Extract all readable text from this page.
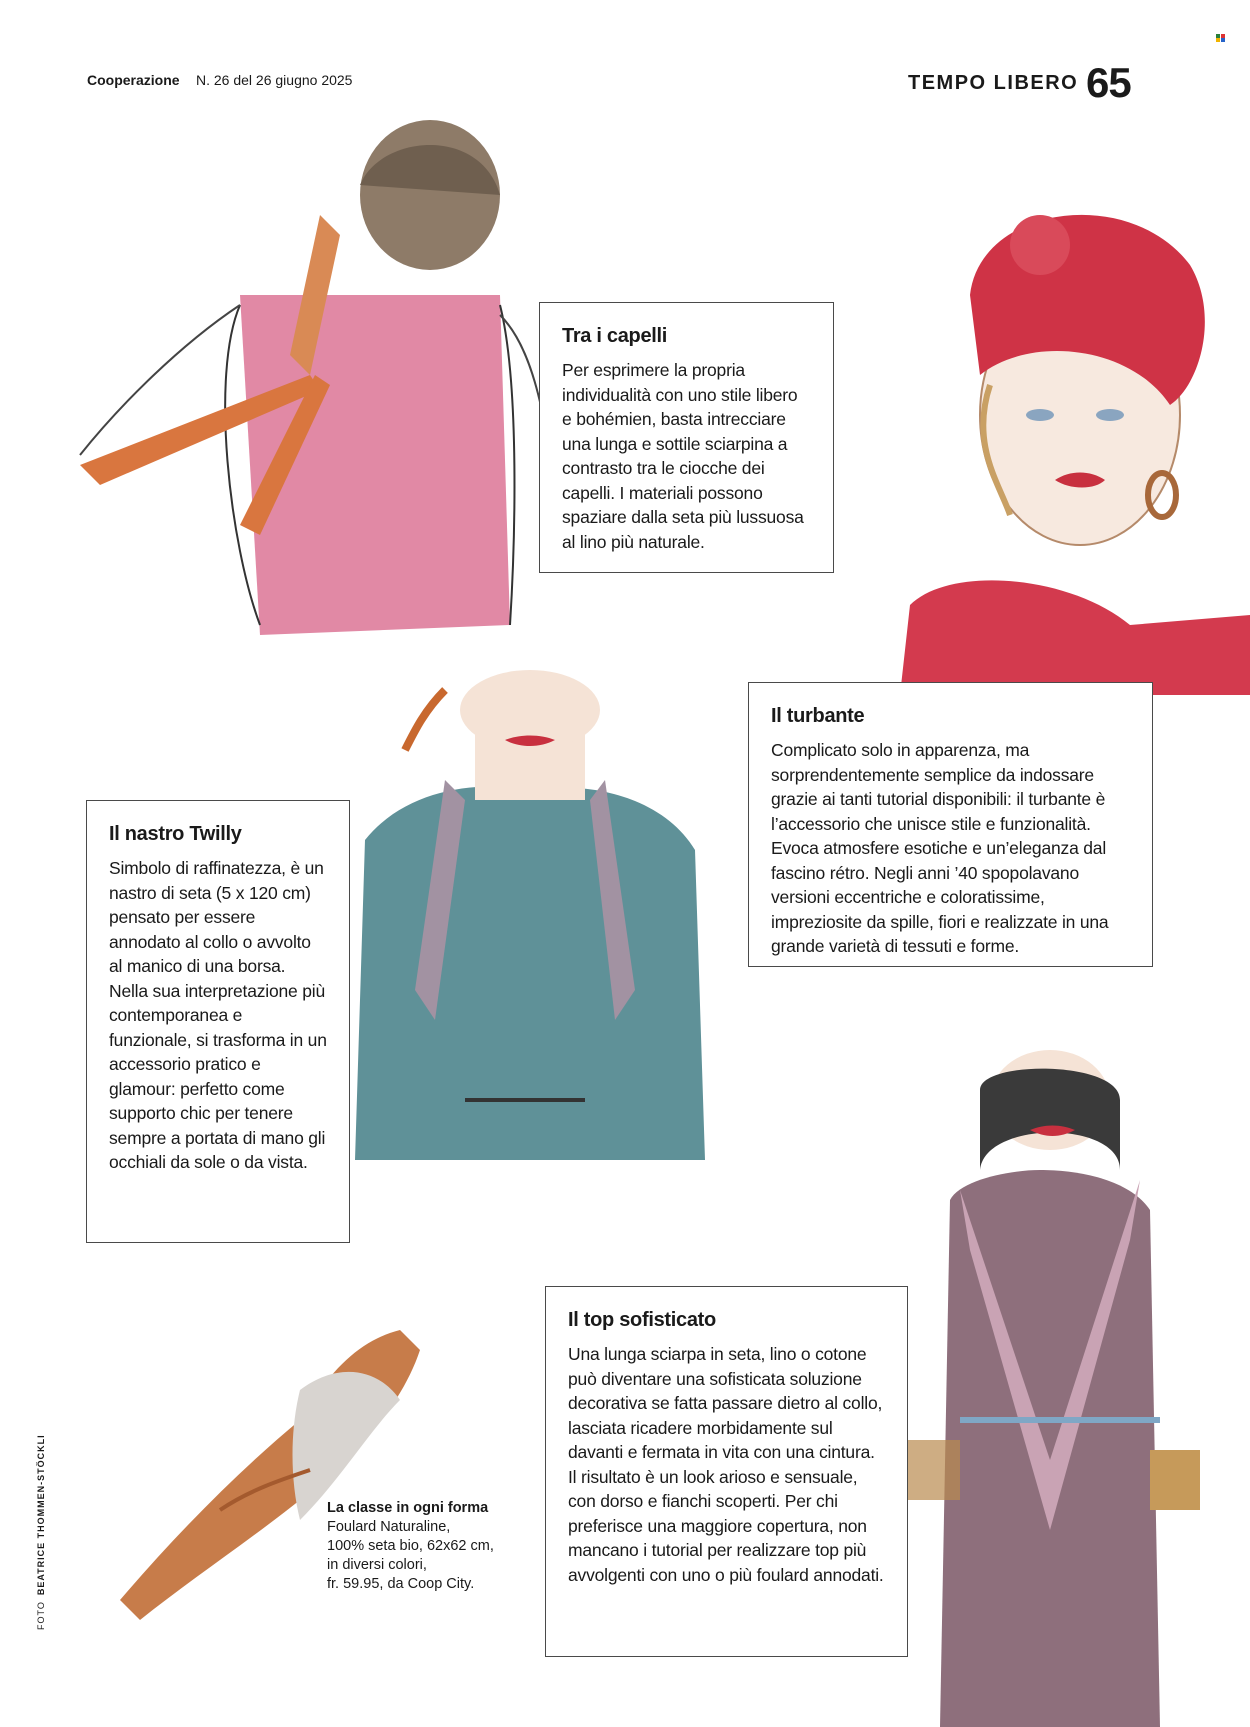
Cooperazione N. 26 del 26 giugno 2025	TEMPO LIBERO 65
Tra i capelli

Per esprimere la propria individualità con uno stile libero e bohémien, basta intrecciare una lunga e sottile sciarpina a contrasto tra le ciocche dei capelli. I materiali possono spaziare dalla seta più lussuosa al lino più naturale.

Il turbante

Complicato solo in apparenza, ma sorprendentemente semplice da indossare grazie ai tanti tutorial disponibili: il turbante è l’accessorio che unisce stile e funzionalità. Evoca atmosfere esotiche e un’eleganza dal fascino rétro. Negli anni ’40 spopolavano versioni eccentriche e coloratissime, impreziosite da spille, fiori e realizzate in una grande varietà di tessuti e forme.

Il nastro Twilly

Simbolo di raffinatezza, è un nastro di seta (5 x 120 cm) pensato per essere annodato al collo o avvolto al manico di una borsa. Nella sua interpretazione più contemporanea e funzionale, si trasforma in un accessorio pratico e glamour: perfetto come supporto chic per tenere sempre a portata di mano gli occhiali da sole o da vista.

Il top sofisticato

Una lunga sciarpa in seta, lino o cotone può diventare una sofisticata soluzione decorativa se fatta passare dietro al collo, lasciata ricadere morbidamente sul davanti e fermata in vita con una cintura. Il risultato è un look arioso e sensuale, con dorso e fianchi scoperti. Per chi preferisce una maggiore copertura, non mancano i tutorial per realizzare top più avvolgenti con uno o più foulard annodati.

La classe in ogni forma
Foulard Naturaline,
100% seta bio, 62x62 cm,
in diversi colori,
fr. 59.95, da Coop City.
FOTOBEATRICE THOMMEN-STÖCKLI
